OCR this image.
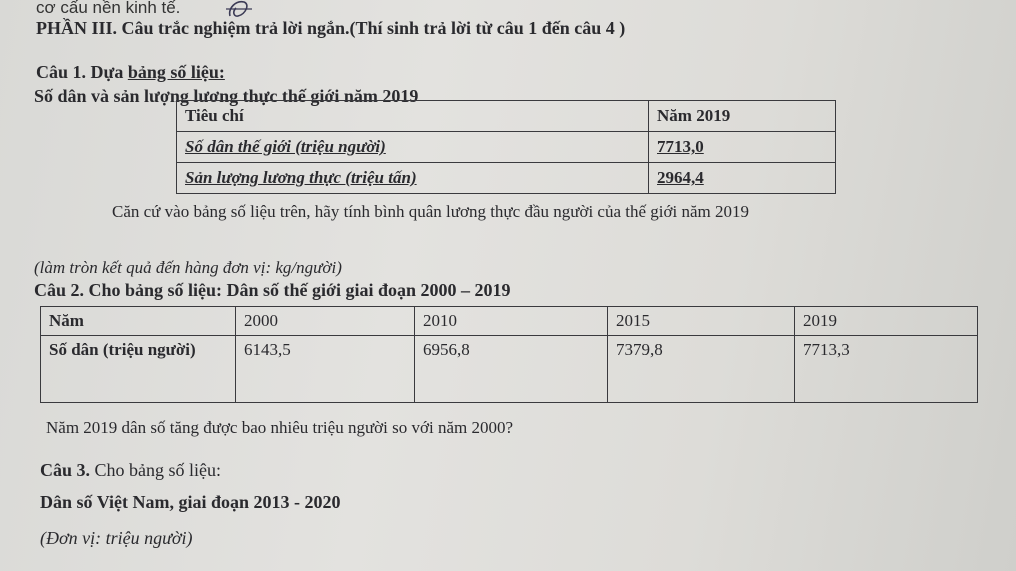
cơ cấu nền kinh tế.
PHẦN III. Câu trắc nghiệm trả lời ngắn.(Thí sinh trả lời từ câu 1 đến câu 4 )
Câu 1. Dựa bảng số liệu:
Số dân và sản lượng lương thực thế giới năm 2019
Tiêu chí	Năm 2019
Số dân thế giới (triệu người)	7713,0
Sản lượng lương thực (triệu tấn)	2964,4
Căn cứ vào bảng số liệu trên, hãy tính bình quân lương thực đầu người của thế giới năm 2019
(làm tròn kết quả đến hàng đơn vị: kg/người)
Câu 2. Cho bảng số liệu: Dân số thế giới giai đoạn 2000 – 2019
Năm	2000	2010	2015	2019
Số dân (triệu người)	6143,5	6956,8	7379,8	7713,3
Năm 2019 dân số tăng được bao nhiêu triệu người so với năm 2000?
Câu 3. Cho bảng số liệu:
Dân số Việt Nam, giai đoạn 2013 - 2020
(Đơn vị: triệu người)
